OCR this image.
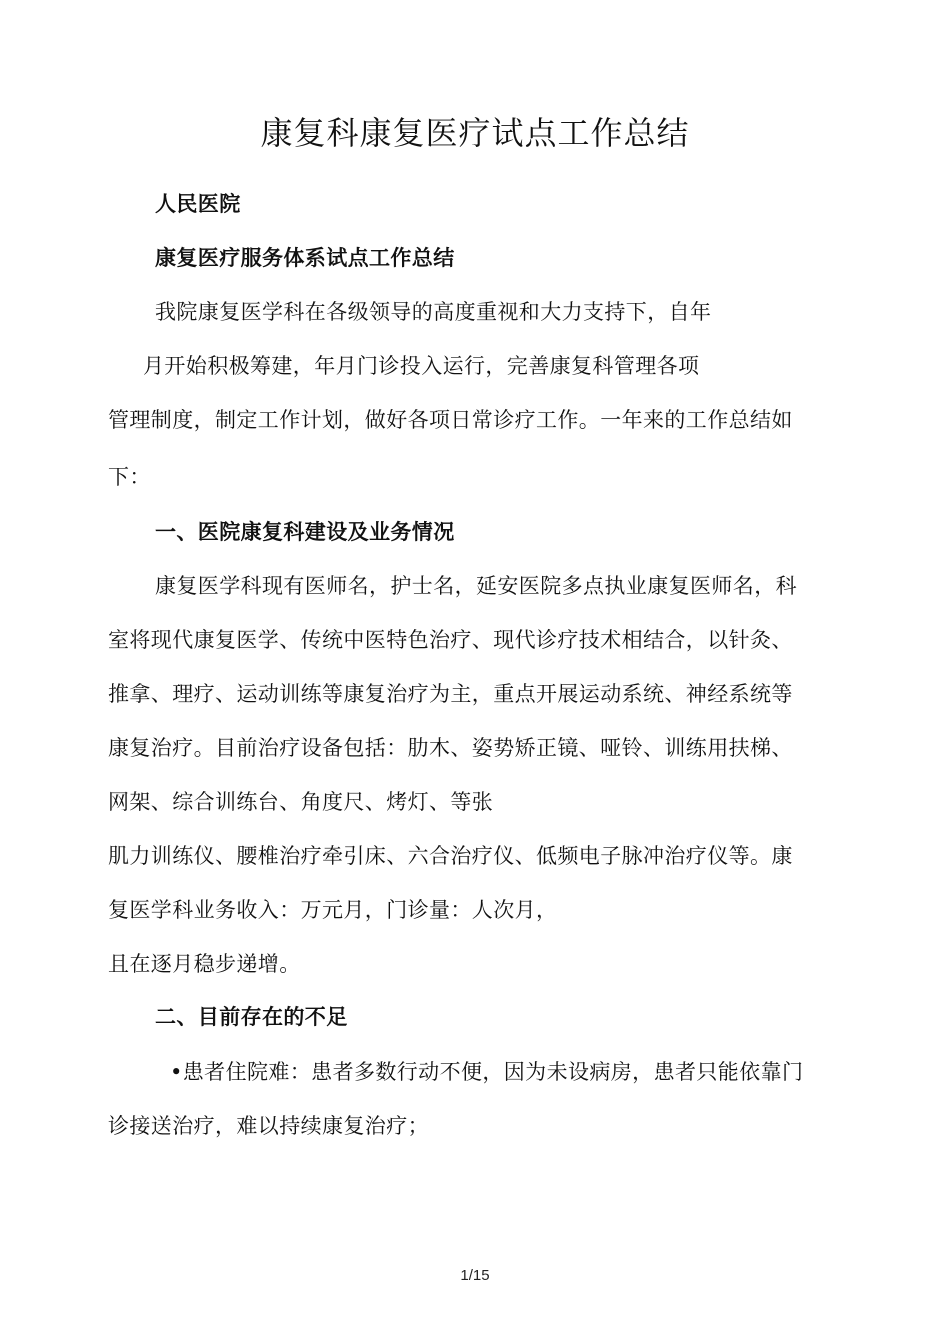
康复科康复医疗试点工作总结
人民医院
康复医疗服务体系试点工作总结
我院康复医学科在各级领导的高度重视和大力支持下，自年
月开始积极筹建，年月门诊投入运行，完善康复科管理各项
管理制度，制定工作计划，做好各项日常诊疗工作。一年来的工作总结如
下：
一、医院康复科建设及业务情况
康复医学科现有医师名，护士名，延安医院多点执业康复医师名，科
室将现代康复医学、传统中医特色治疗、现代诊疗技术相结合，以针灸、
推拿、理疗、运动训练等康复治疗为主，重点开展运动系统、神经系统等
康复治疗。目前治疗设备包括：肋木、姿势矫正镜、哑铃、训练用扶梯、
网架、综合训练台、角度尺、烤灯、等张
肌力训练仪、腰椎治疗牵引床、六合治疗仪、低频电子脉冲治疗仪等。康
复医学科业务收入：万元月，门诊量：人次月，
且在逐月稳步递增。
二、目前存在的不足
•患者住院难：患者多数行动不便，因为未设病房，患者只能依靠门
诊接送治疗，难以持续康复治疗；
1/15
